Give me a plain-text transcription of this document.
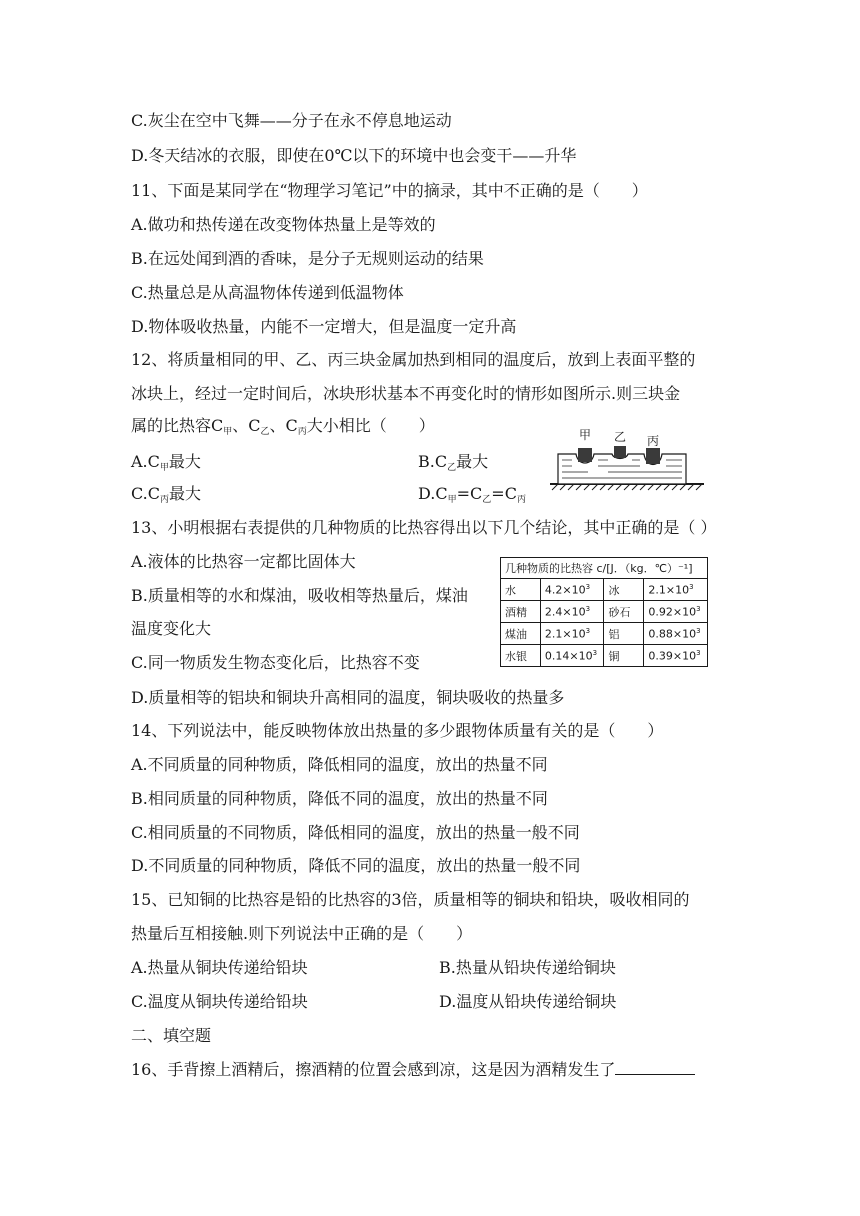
C.灰尘在空中飞舞——分子在永不停息地运动
D.冬天结冰的衣服，即使在0℃以下的环境中也会变干——升华
11、下面是某同学在“物理学习笔记”中的摘录，其中不正确的是（　　）
A.做功和热传递在改变物体热量上是等效的
B.在远处闻到酒的香味，是分子无规则运动的结果
C.热量总是从高温物体传递到低温物体
D.物体吸收热量，内能不一定增大，但是温度一定升高
12、将质量相同的甲、乙、丙三块金属加热到相同的温度后，放到上表面平整的
冰块上，经过一定时间后，冰块形状基本不再变化时的情形如图所示.则三块金
属的比热容C甲、C乙、C丙大小相比（　　）
A.C甲最大	B.C乙最大
C.C丙最大	D.C甲=C乙=C丙
甲 乙 丙
13、小明根据右表提供的几种物质的比热容得出以下几个结论，其中正确的是（ ）
A.液体的比热容一定都比固体大
B.质量相等的水和煤油，吸收相等热量后，煤油
温度变化大
C.同一物质发生物态变化后，比热容不变
D.质量相等的铝块和铜块升高相同的温度，铜块吸收的热量多
几种物质的比热容 c/[J．（kg．℃）⁻¹]
水	$4.2\times 10^3$	冰	$2.1\times 10^3$
酒精	$2.4\times 10^3$	砂石	$0.92\times 10^3$
煤油	$2.1\times 10^3$	铝	$0.88\times 10^3$
水银	$0.14\times 10^3$	铜	$0.39\times 10^3$
14、下列说法中，能反映物体放出热量的多少跟物体质量有关的是（　　）
A.不同质量的同种物质，降低相同的温度，放出的热量不同
B.相同质量的同种物质，降低不同的温度，放出的热量不同
C.相同质量的不同物质，降低相同的温度，放出的热量一般不同
D.不同质量的同种物质，降低不同的温度，放出的热量一般不同
15、已知铜的比热容是铅的比热容的3倍，质量相等的铜块和铅块，吸收相同的
热量后互相接触.则下列说法中正确的是（　　）
A.热量从铜块传递给铅块	B.热量从铅块传递给铜块
C.温度从铜块传递给铅块	D.温度从铅块传递给铜块
二、填空题
16、手背擦上酒精后，擦酒精的位置会感到凉，这是因为酒精发生了
